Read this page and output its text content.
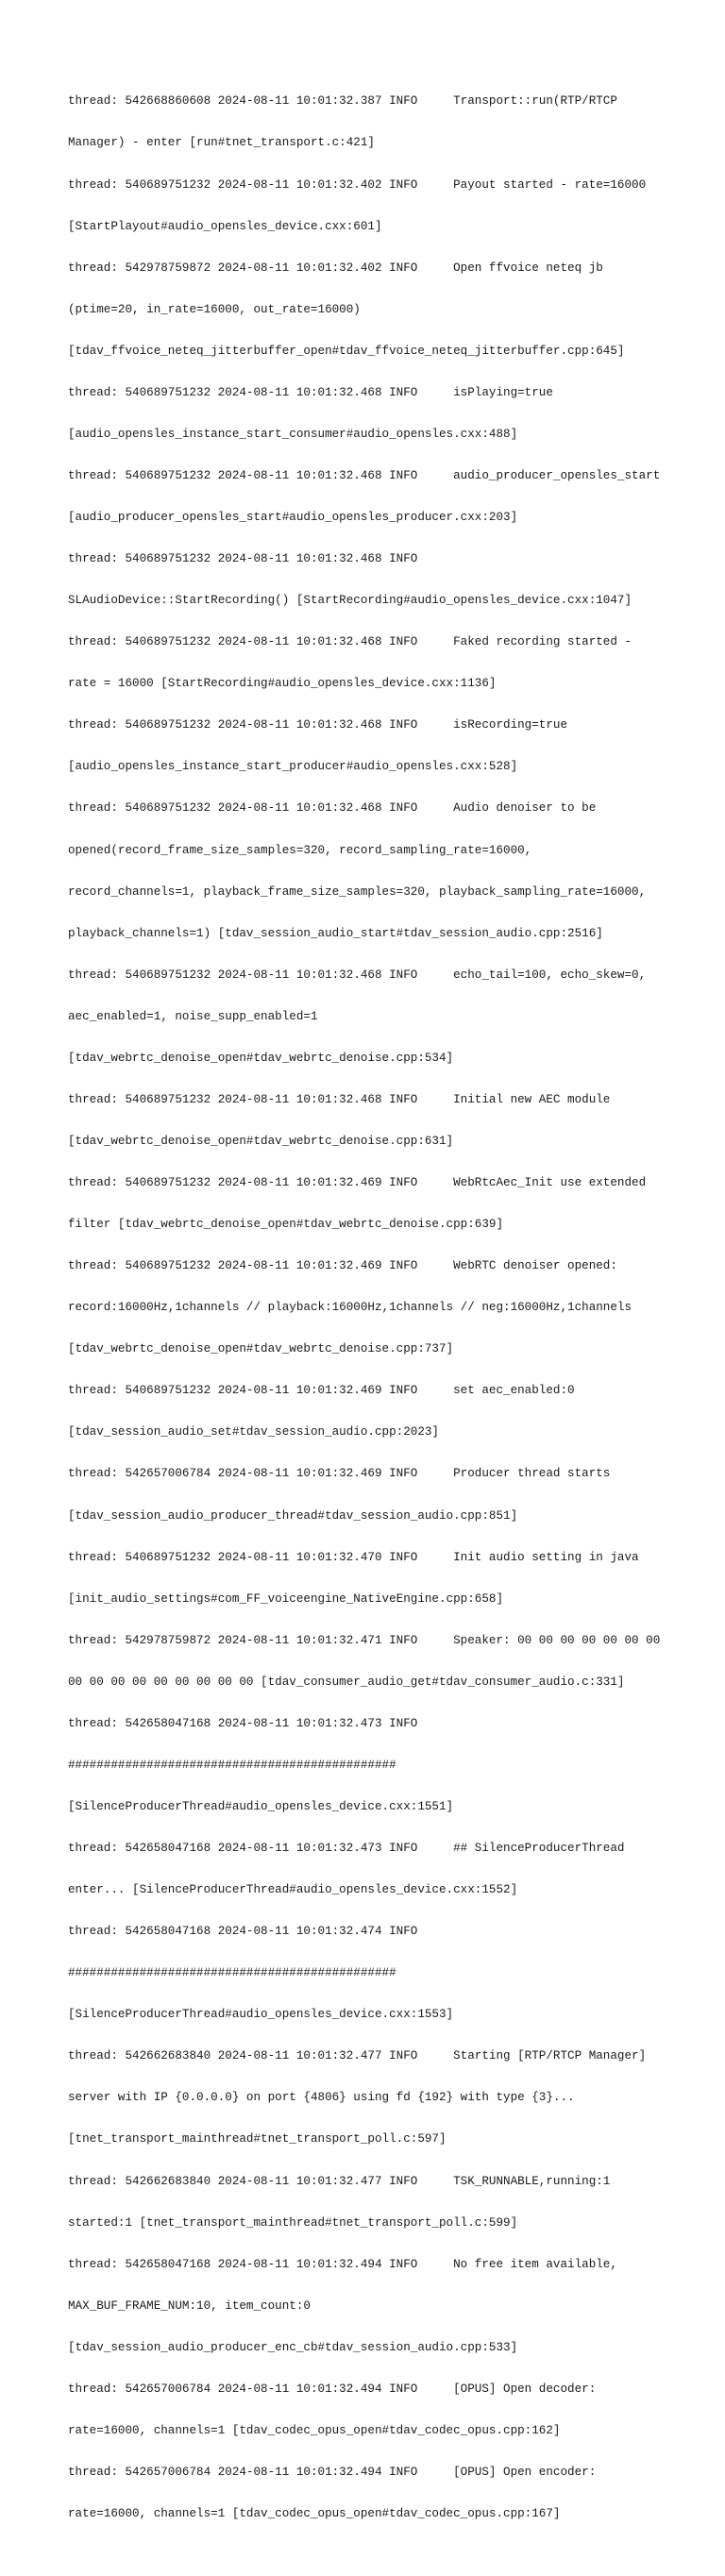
thread: 542668860608 2024-08-11 10:01:32.387 INFO     Transport::run(RTP/RTCP

Manager) - enter [run#tnet_transport.c:421]

thread: 540689751232 2024-08-11 10:01:32.402 INFO     Payout started - rate=16000

[StartPlayout#audio_opensles_device.cxx:601]

thread: 542978759872 2024-08-11 10:01:32.402 INFO     Open ffvoice neteq jb

(ptime=20, in_rate=16000, out_rate=16000)

[tdav_ffvoice_neteq_jitterbuffer_open#tdav_ffvoice_neteq_jitterbuffer.cpp:645]

thread: 540689751232 2024-08-11 10:01:32.468 INFO     isPlaying=true

[audio_opensles_instance_start_consumer#audio_opensles.cxx:488]

thread: 540689751232 2024-08-11 10:01:32.468 INFO     audio_producer_opensles_start

[audio_producer_opensles_start#audio_opensles_producer.cxx:203]

thread: 540689751232 2024-08-11 10:01:32.468 INFO

SLAudioDevice::StartRecording() [StartRecording#audio_opensles_device.cxx:1047]

thread: 540689751232 2024-08-11 10:01:32.468 INFO     Faked recording started -

rate = 16000 [StartRecording#audio_opensles_device.cxx:1136]

thread: 540689751232 2024-08-11 10:01:32.468 INFO     isRecording=true

[audio_opensles_instance_start_producer#audio_opensles.cxx:528]

thread: 540689751232 2024-08-11 10:01:32.468 INFO     Audio denoiser to be

opened(record_frame_size_samples=320, record_sampling_rate=16000,

record_channels=1, playback_frame_size_samples=320, playback_sampling_rate=16000,

playback_channels=1) [tdav_session_audio_start#tdav_session_audio.cpp:2516]

thread: 540689751232 2024-08-11 10:01:32.468 INFO     echo_tail=100, echo_skew=0,

aec_enabled=1, noise_supp_enabled=1

[tdav_webrtc_denoise_open#tdav_webrtc_denoise.cpp:534]

thread: 540689751232 2024-08-11 10:01:32.468 INFO     Initial new AEC module

[tdav_webrtc_denoise_open#tdav_webrtc_denoise.cpp:631]

thread: 540689751232 2024-08-11 10:01:32.469 INFO     WebRtcAec_Init use extended

filter [tdav_webrtc_denoise_open#tdav_webrtc_denoise.cpp:639]

thread: 540689751232 2024-08-11 10:01:32.469 INFO     WebRTC denoiser opened:

record:16000Hz,1channels // playback:16000Hz,1channels // neg:16000Hz,1channels

[tdav_webrtc_denoise_open#tdav_webrtc_denoise.cpp:737]

thread: 540689751232 2024-08-11 10:01:32.469 INFO     set aec_enabled:0

[tdav_session_audio_set#tdav_session_audio.cpp:2023]

thread: 542657006784 2024-08-11 10:01:32.469 INFO     Producer thread starts

[tdav_session_audio_producer_thread#tdav_session_audio.cpp:851]

thread: 540689751232 2024-08-11 10:01:32.470 INFO     Init audio setting in java

[init_audio_settings#com_FF_voiceengine_NativeEngine.cpp:658]

thread: 542978759872 2024-08-11 10:01:32.471 INFO     Speaker: 00 00 00 00 00 00 00

00 00 00 00 00 00 00 00 00 [tdav_consumer_audio_get#tdav_consumer_audio.c:331]

thread: 542658047168 2024-08-11 10:01:32.473 INFO

##############################################

[SilenceProducerThread#audio_opensles_device.cxx:1551]

thread: 542658047168 2024-08-11 10:01:32.473 INFO     ## SilenceProducerThread

enter... [SilenceProducerThread#audio_opensles_device.cxx:1552]

thread: 542658047168 2024-08-11 10:01:32.474 INFO

##############################################

[SilenceProducerThread#audio_opensles_device.cxx:1553]

thread: 542662683840 2024-08-11 10:01:32.477 INFO     Starting [RTP/RTCP Manager]

server with IP {0.0.0.0} on port {4806} using fd {192} with type {3}...

[tnet_transport_mainthread#tnet_transport_poll.c:597]

thread: 542662683840 2024-08-11 10:01:32.477 INFO     TSK_RUNNABLE,running:1

started:1 [tnet_transport_mainthread#tnet_transport_poll.c:599]

thread: 542658047168 2024-08-11 10:01:32.494 INFO     No free item available,

MAX_BUF_FRAME_NUM:10, item_count:0

[tdav_session_audio_producer_enc_cb#tdav_session_audio.cpp:533]

thread: 542657006784 2024-08-11 10:01:32.494 INFO     [OPUS] Open decoder:

rate=16000, channels=1 [tdav_codec_opus_open#tdav_codec_opus.cpp:162]

thread: 542657006784 2024-08-11 10:01:32.494 INFO     [OPUS] Open encoder:

rate=16000, channels=1 [tdav_codec_opus_open#tdav_codec_opus.cpp:167]
